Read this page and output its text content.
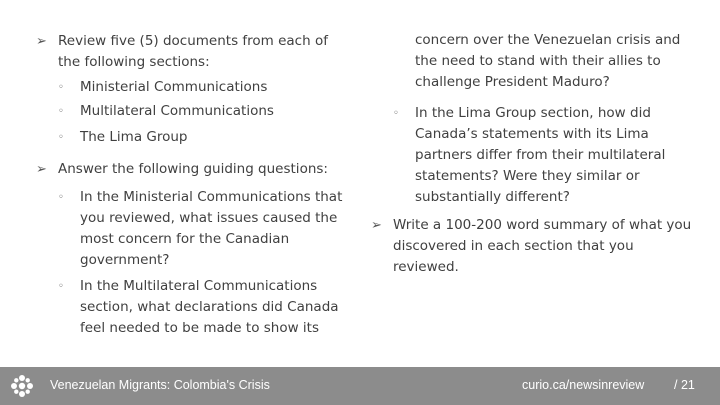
➢ Review five (5) documents from each of the following sections:
◦ Ministerial Communications
◦ Multilateral Communications
◦ The Lima Group
➢ Answer the following guiding questions:
◦ In the Ministerial Communications that you reviewed, what issues caused the most concern for the Canadian government?
◦ In the Multilateral Communications section, what declarations did Canada feel needed to be made to show its
concern over the Venezuelan crisis and the need to stand with their allies to challenge President Maduro?
◦ In the Lima Group section, how did Canada’s statements with its Lima partners differ from their multilateral statements? Were they similar or substantially different?
➢ Write a 100-200 word summary of what you discovered in each section that you reviewed.
Venezuelan Migrants: Colombia's Crisis	curio.ca/newsinreview / 21
